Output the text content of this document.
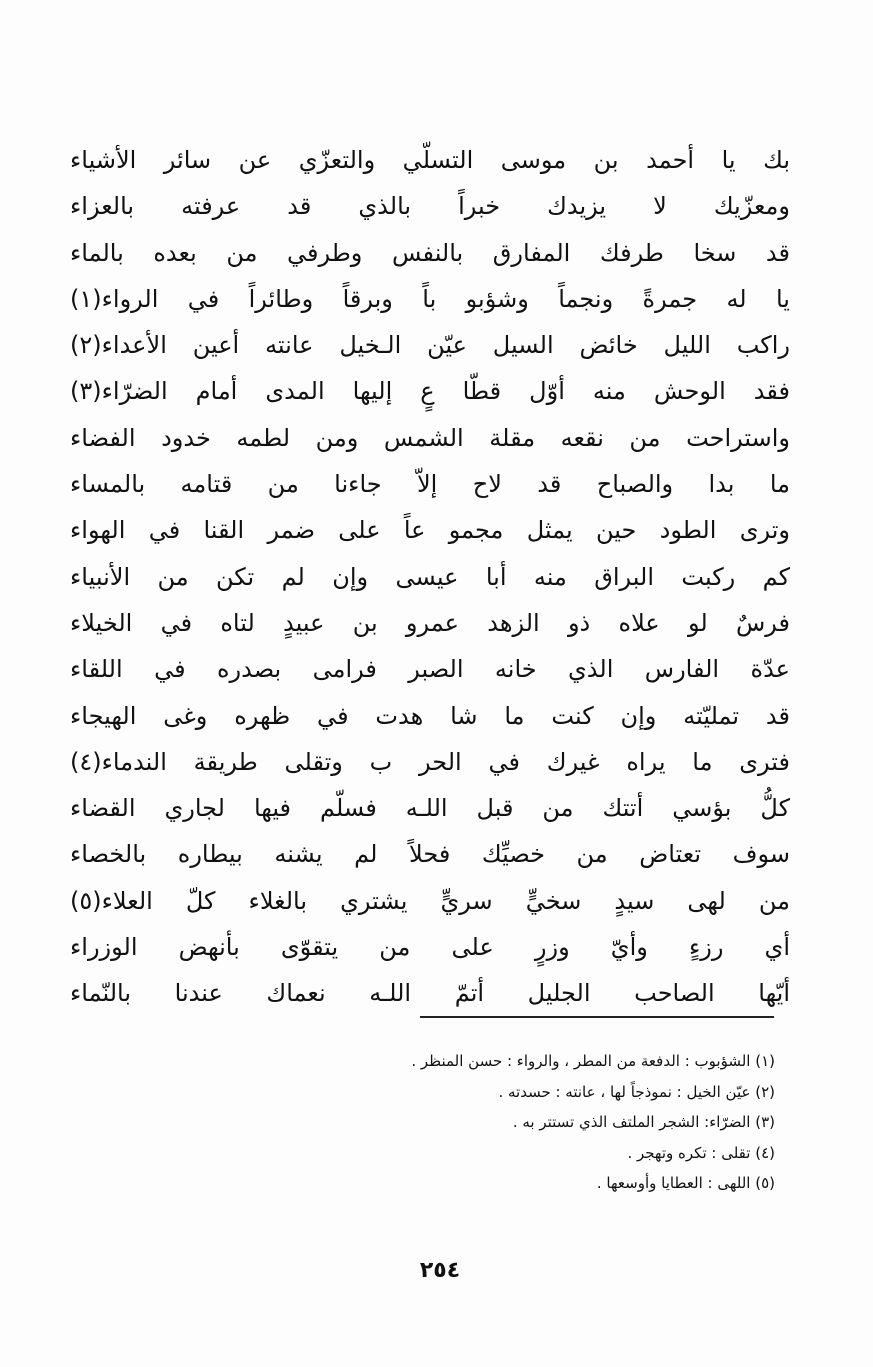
بك يا أحمد بن موسى التسلّي والتعزّي عن سائر الأشياء
ومعزّيك لا يزيدك خبراً بالذي قد عرفته بالعزاء
قد سخا طرفك المفارق بالنفس وطرفي من بعده بالماء
يا له جمرةً ونجماً وشؤبو باً وبرقاً وطائراً في الرواء(١)
راكب الليل خائض السيل عيّن الـخيل عانته أعين الأعداء(٢)
فقد الوحش منه أوّل قطّا عٍ إليها المدى أمام الضرّاء(٣)
واستراحت من نقعه مقلة الشمس ومن لطمه خدود الفضاء
ما بدا والصباح قد لاح إلاّ جاءنا من قتامه بالمساء
وترى الطود حين يمثل مجمو عاً على ضمر القنا في الهواء
كم ركبت البراق منه أبا عيسى وإن لم تكن من الأنبياء
فرسٌ لو علاه ذو الزهد عمرو بن عبيدٍ لتاه في الخيلاء
عدّة الفارس الذي خانه الصبر فرامى بصدره في اللقاء
قد تمليّته وإن كنت ما شا هدت في ظهره وغى الهيجاء
فترى ما يراه غيرك في الحر ب وتقلى طريقة الندماء(٤)
كلُّ بؤسي أتتك من قبل اللـه فسلّم فيها لجاري القضاء
سوف تعتاض من خصيِّك فحلاً لم يشنه بيطاره بالخصاء
من لهى سيدٍ سخيٍّ سريٍّ يشتري بالغلاء كلّ العلاء(٥)
أي رزءٍ وأيّ وزرٍ على من يتقوّى بأنهض الوزراء
أيّها الصاحب الجليل أتمّ اللـه نعماك عندنا بالنّماء
(١) الشؤبوب : الدفعة من المطر ، والرواء : حسن المنظر .
(٢) عيّن الخيل : نموذجاً لها ، عانته : حسدته .
(٣) الضرّاء: الشجر الملتف الذي تستتر به .
(٤) تقلى : تكره وتهجر .
(٥) اللهى : العطايا وأوسعها .
٢٥٤
